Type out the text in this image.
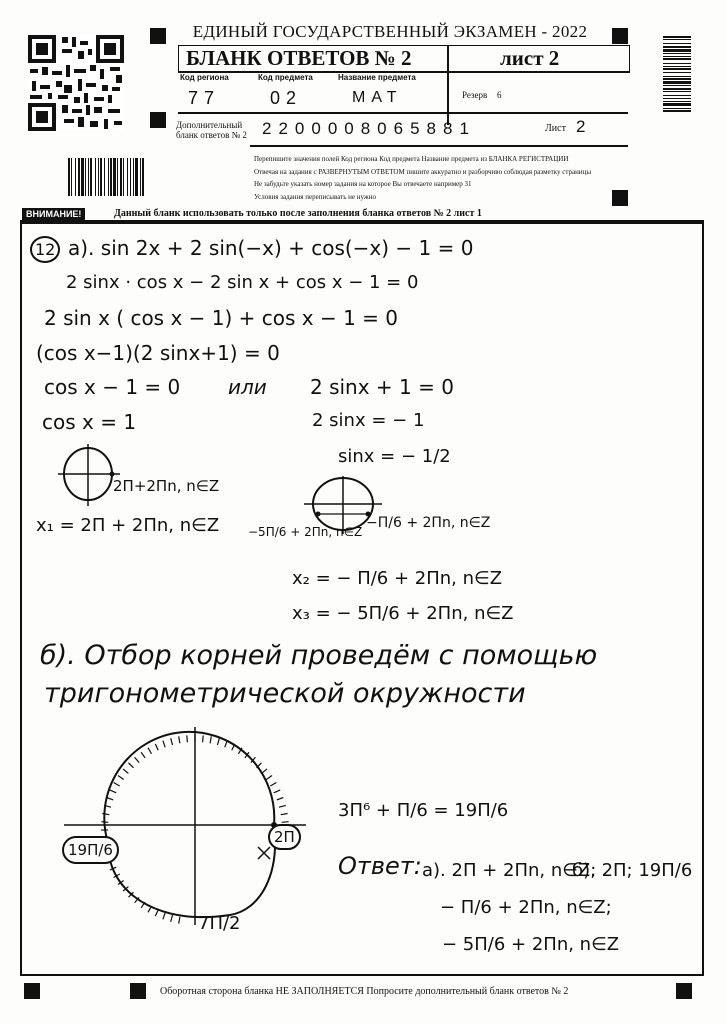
ЕДИНЫЙ ГОСУДАРСТВЕННЫЙ ЭКЗАМЕН - 2022
БЛАНК ОТВЕТОВ № 2	лист 2
Код региона	Код предмета	Название предмета
77	02	МАТ	Резерв 6
Дополнительный
бланк ответов № 2 2200008065881	Лист 2
Перепишите значения полей Код региона Код предмета Название предмета из БЛАНКА РЕГИСТРАЦИИ
Отвечая на задания с РАЗВЕРНУТЫМ ОТВЕТОМ пишите аккуратно и разборчиво соблюдая разметку страницы
Не забудьте указать номер задания на которое Вы отвечаете например 31
Условия задания переписывать не нужно
ВНИМАНИЕ!	Данный бланк использовать только после заполнения бланка ответов № 2 лист 1
12 a). sin 2x + 2 sin(−x) + cos(−x) − 1 = 0
2 sinx · cos x − 2 sin x + cos x − 1 = 0
2 sin x ( cos x − 1) + cos x − 1 = 0
(cos x−1)(2 sinx+1) = 0
cos x − 1 = 0 или 2 sinx + 1 = 0
cos x = 1	2 sinx = − 1
sinx = − 1/2
2П+2Пn, n∈Z
x₁ = 2П + 2Пn, n∈Z −5П/6 + 2Пn, n∈Z
−П/6 + 2Пn, n∈Z
x₂ = − П/6 + 2Пn, n∈Z
x₃ = − 5П/6 + 2Пn, n∈Z
б). Отбор корней проведём с помощью
тригонометрической окружности
19П/6
2П
7П/2
3П⁶ + П/6 = 19П/6
Ответ: а). 2П + 2Пn, n∈Z;
б). 2П; 19П/6
− П/6 + 2Пn, n∈Z;
− 5П/6 + 2Пn, n∈Z
Оборотная сторона бланка НЕ ЗАПОЛНЯЕТСЯ Попросите дополнительный бланк ответов № 2
